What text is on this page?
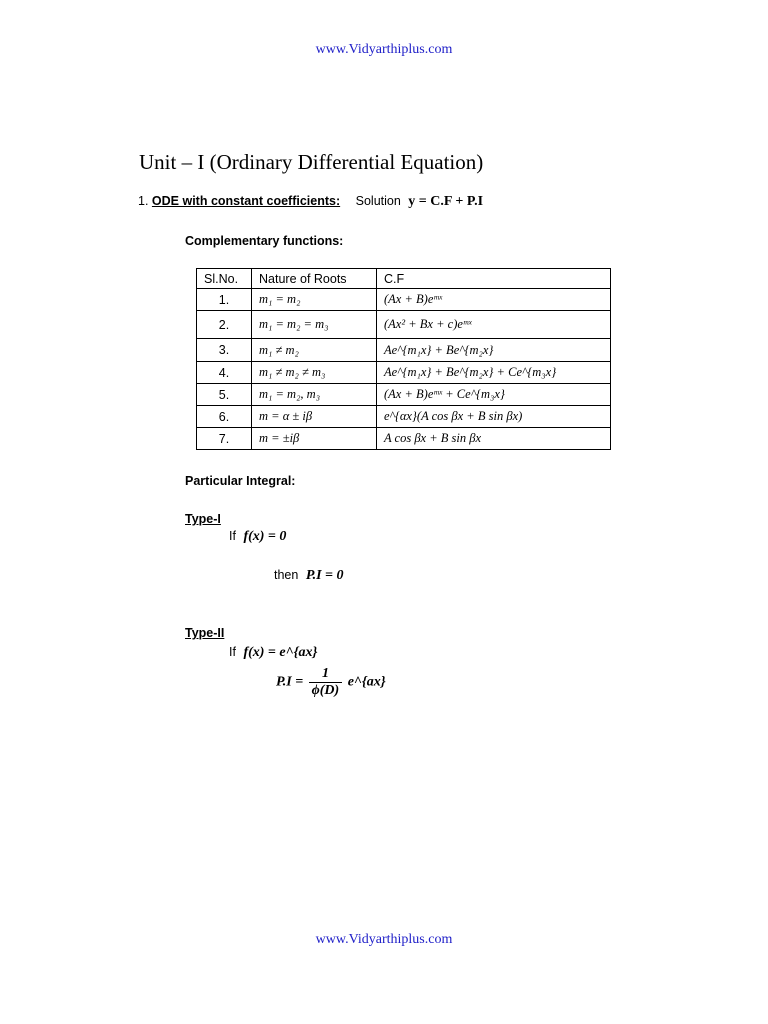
www.Vidyarthiplus.com
Unit – I (Ordinary Differential Equation)
1. ODE with constant coefficients: Solution y = C.F + P.I
Complementary functions:
Sl.No.	Nature of Roots	C.F
1.	m₁ = m₂	(Ax + B)eᵐˣ
2.	m₁ = m₂ = m₃	(Ax² + Bx + c)eᵐˣ
3.	m₁ ≠ m₂	Ae^{m₁x} + Be^{m₂x}
4.	m₁ ≠ m₂ ≠ m₃	Ae^{m₁x} + Be^{m₂x} + Ce^{m₃x}
5.	m₁ = m₂, m₃	(Ax + B)eᵐˣ + Ce^{m₃x}
6.	m = α ± iβ	e^{αx}(A cos βx + B sin βx)
7.	m = ±iβ	A cos βx + B sin βx
Particular Integral:
Type-I
If f(x) = 0
then P.I = 0
Type-II
If f(x) = e^{ax}
$P.I = \frac{1}{\phi(D)}$ e^{ax}
www.Vidyarthiplus.com
